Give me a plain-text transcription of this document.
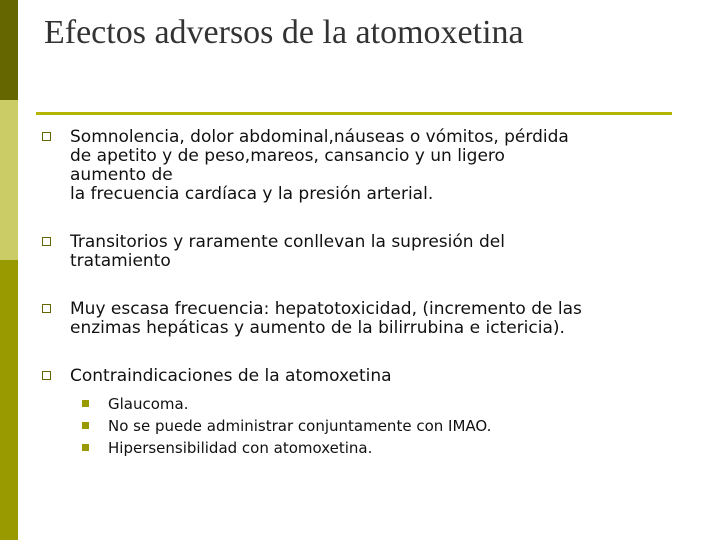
Efectos adversos de la atomoxetina
Somnolencia, dolor abdominal,náuseas o vómitos, pérdida
de apetito y de peso,mareos, cansancio y un ligero
aumento de
la frecuencia cardíaca y la presión arterial.
Transitorios y raramente conllevan la supresión del
tratamiento
Muy escasa frecuencia: hepatotoxicidad, (incremento de las
enzimas hepáticas y aumento de la bilirrubina e ictericia).
Contraindicaciones de la atomoxetina
Glaucoma.
No se puede administrar conjuntamente con IMAO.
Hipersensibilidad con atomoxetina.
